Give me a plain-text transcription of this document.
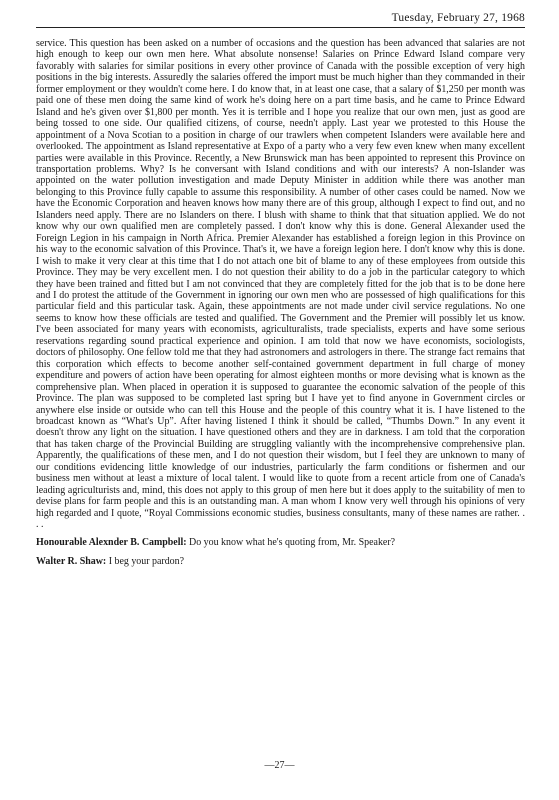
Tuesday, February 27, 1968

service. This question has been asked on a number of occasions and the question has been advanced that salaries are not high enough to keep our own men here. What absolute nonsense! Salaries on Prince Edward Island compare very favorably with salaries for similar positions in every other province of Canada with the possible exception of very high positions in the big interests. Assuredly the salaries offered the import must be much higher than they commanded in their former employment or they wouldn't come here. I do know that, in at least one case, that a salary of $1,250 per month was paid one of these men doing the same kind of work he's doing here on a part time basis, and he came to Prince Edward Island and he's given over $1,800 per month. Yes it is terrible and I hope you realize that our own men, just as good are being tossed to one side. Our qualified citizens, of course, needn't apply. Last year we protested to this House the appointment of a Nova Scotian to a position in charge of our trawlers when competent Islanders were available here and overlooked. The appointment as Island representative at Expo of a party who a very few even knew when many excellent parties were available in this Province. Recently, a New Brunswick man has been appointed to represent this Province on transportation problems. Why? Is he conversant with Island conditions and with our interests? A non-Islander was appointed on the water pollution investigation and made Deputy Minister in addition while there was another man belonging to this Province fully capable to assume this responsibility. A number of other cases could be named. Now we have the Economic Corporation and heaven knows how many there are of this group, although I expect to find out, and no Islanders need apply. There are no Islanders on there. I blush with shame to think that that situation applied. We do not know why our own qualified men are completely passed. I don't know why this is done. General Alexander used the Foreign Legion in his campaign in North Africa. Premier Alexander has established a foreign legion in this Province on his way to the economic salvation of this Province. That's it, we have a foreign legion here. I don't know why this is done. I wish to make it very clear at this time that I do not attach one bit of blame to any of these employees from outside this Province. They may be very excellent men. I do not question their ability to do a job in the particular category to which they have been trained and fitted but I am not convinced that they are completely fitted for the job that is to be done here and I do protest the attitude of the Government in ignoring our own men who are possessed of high qualifications for this particular field and this particular task. Again, these appointments are not made under civil service regulations. No one seems to know how these officials are tested and qualified. The Government and the Premier will possibly let us know. I've been associated for many years with economists, agriculturalists, trade specialists, experts and have some serious reservations regarding sound practical experience and opinion. I am told that now we have economists, sociologists, doctors of philosophy. One fellow told me that they had astronomers and astrologers in there. The strange fact remains that this corporation which effects to become another self-contained government department in full charge of money expenditure and powers of action have been operating for almost eighteen months or more devising what is known as the comprehensive plan. When placed in operation it is supposed to guarantee the economic salvation of the people of this Province. The plan was supposed to be completed last spring but I have yet to find anyone in Government circles or anywhere else inside or outside who can tell this House and the people of this country what it is. I have listened to the broadcast known as “What's Up”. After having listened I think it should be called, “Thumbs Down.” In any event it doesn't throw any light on the situation. I have questioned others and they are in darkness. I am told that the corporation that has taken charge of the Provincial Building are struggling valiantly with the incomprehensive comprehensive plan. Apparently, the qualifications of these men, and I do not question their wisdom, but I feel they are unknown to many of our conditions evidencing little knowledge of our industries, particularly the farm conditions or fishermen and our business men without at least a mixture of local talent. I would like to quote from a recent article from one of Canada's leading agriculturists and, mind, this does not apply to this group of men here but it does apply to the suitability of men to devise plans for farm people and this is an outstanding man. A man whom I know very well through his opinions of very high regarded and I quote, “Royal Commissions economic studies, business consultants, many of these names are rather. . . .

Honourable Alexnder B. Campbell: Do you know what he's quoting from, Mr. Speaker?

Walter R. Shaw: I beg your pardon?

—27—
